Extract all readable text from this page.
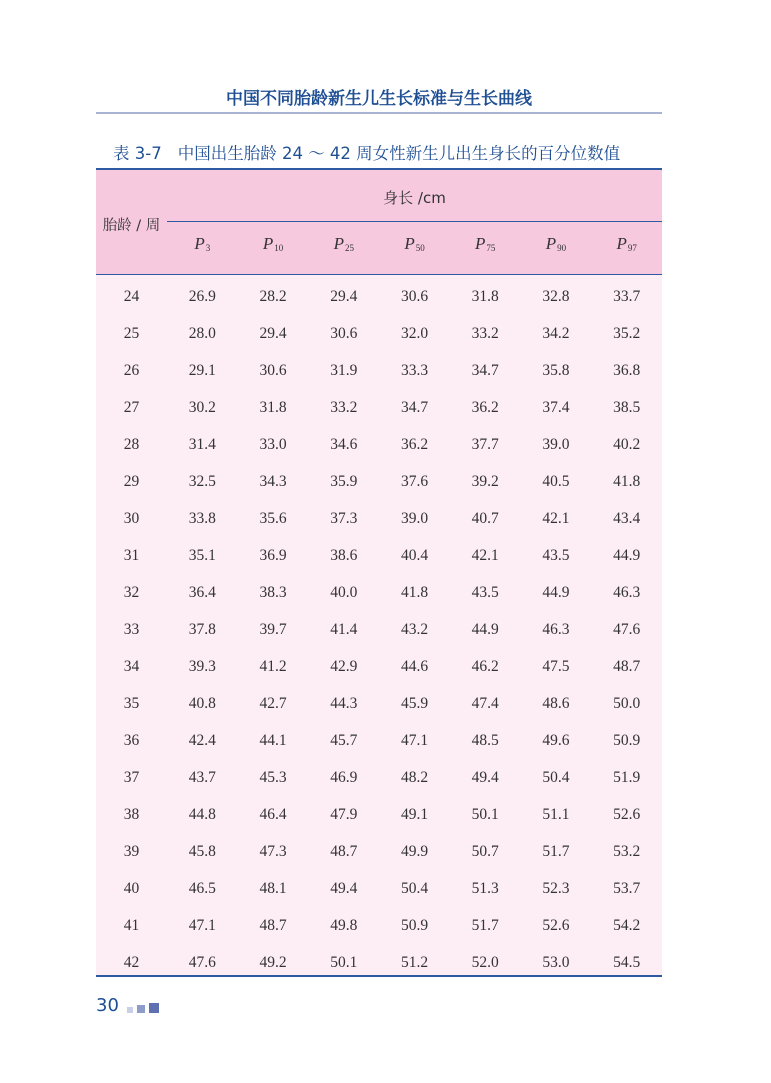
中国不同胎龄新生儿生长标准与生长曲线
表 3-7 中国出生胎龄 24 ～ 42 周女性新生儿出生身长的百分位数值
胎龄 / 周
身长 /cm
$P_3$	$P_{10}$	$P_{25}$	$P_{50}$	$P_{75}$	$P_{90}$	$P_{97}$
24	26.9	28.2	29.4	30.6	31.8	32.8	33.7
25	28.0	29.4	30.6	32.0	33.2	34.2	35.2
26	29.1	30.6	31.9	33.3	34.7	35.8	36.8
27	30.2	31.8	33.2	34.7	36.2	37.4	38.5
28	31.4	33.0	34.6	36.2	37.7	39.0	40.2
29	32.5	34.3	35.9	37.6	39.2	40.5	41.8
30	33.8	35.6	37.3	39.0	40.7	42.1	43.4
31	35.1	36.9	38.6	40.4	42.1	43.5	44.9
32	36.4	38.3	40.0	41.8	43.5	44.9	46.3
33	37.8	39.7	41.4	43.2	44.9	46.3	47.6
34	39.3	41.2	42.9	44.6	46.2	47.5	48.7
35	40.8	42.7	44.3	45.9	47.4	48.6	50.0
36	42.4	44.1	45.7	47.1	48.5	49.6	50.9
37	43.7	45.3	46.9	48.2	49.4	50.4	51.9
38	44.8	46.4	47.9	49.1	50.1	51.1	52.6
39	45.8	47.3	48.7	49.9	50.7	51.7	53.2
40	46.5	48.1	49.4	50.4	51.3	52.3	53.7
41	47.1	48.7	49.8	50.9	51.7	52.6	54.2
42	47.6	49.2	50.1	51.2	52.0	53.0	54.5
30
